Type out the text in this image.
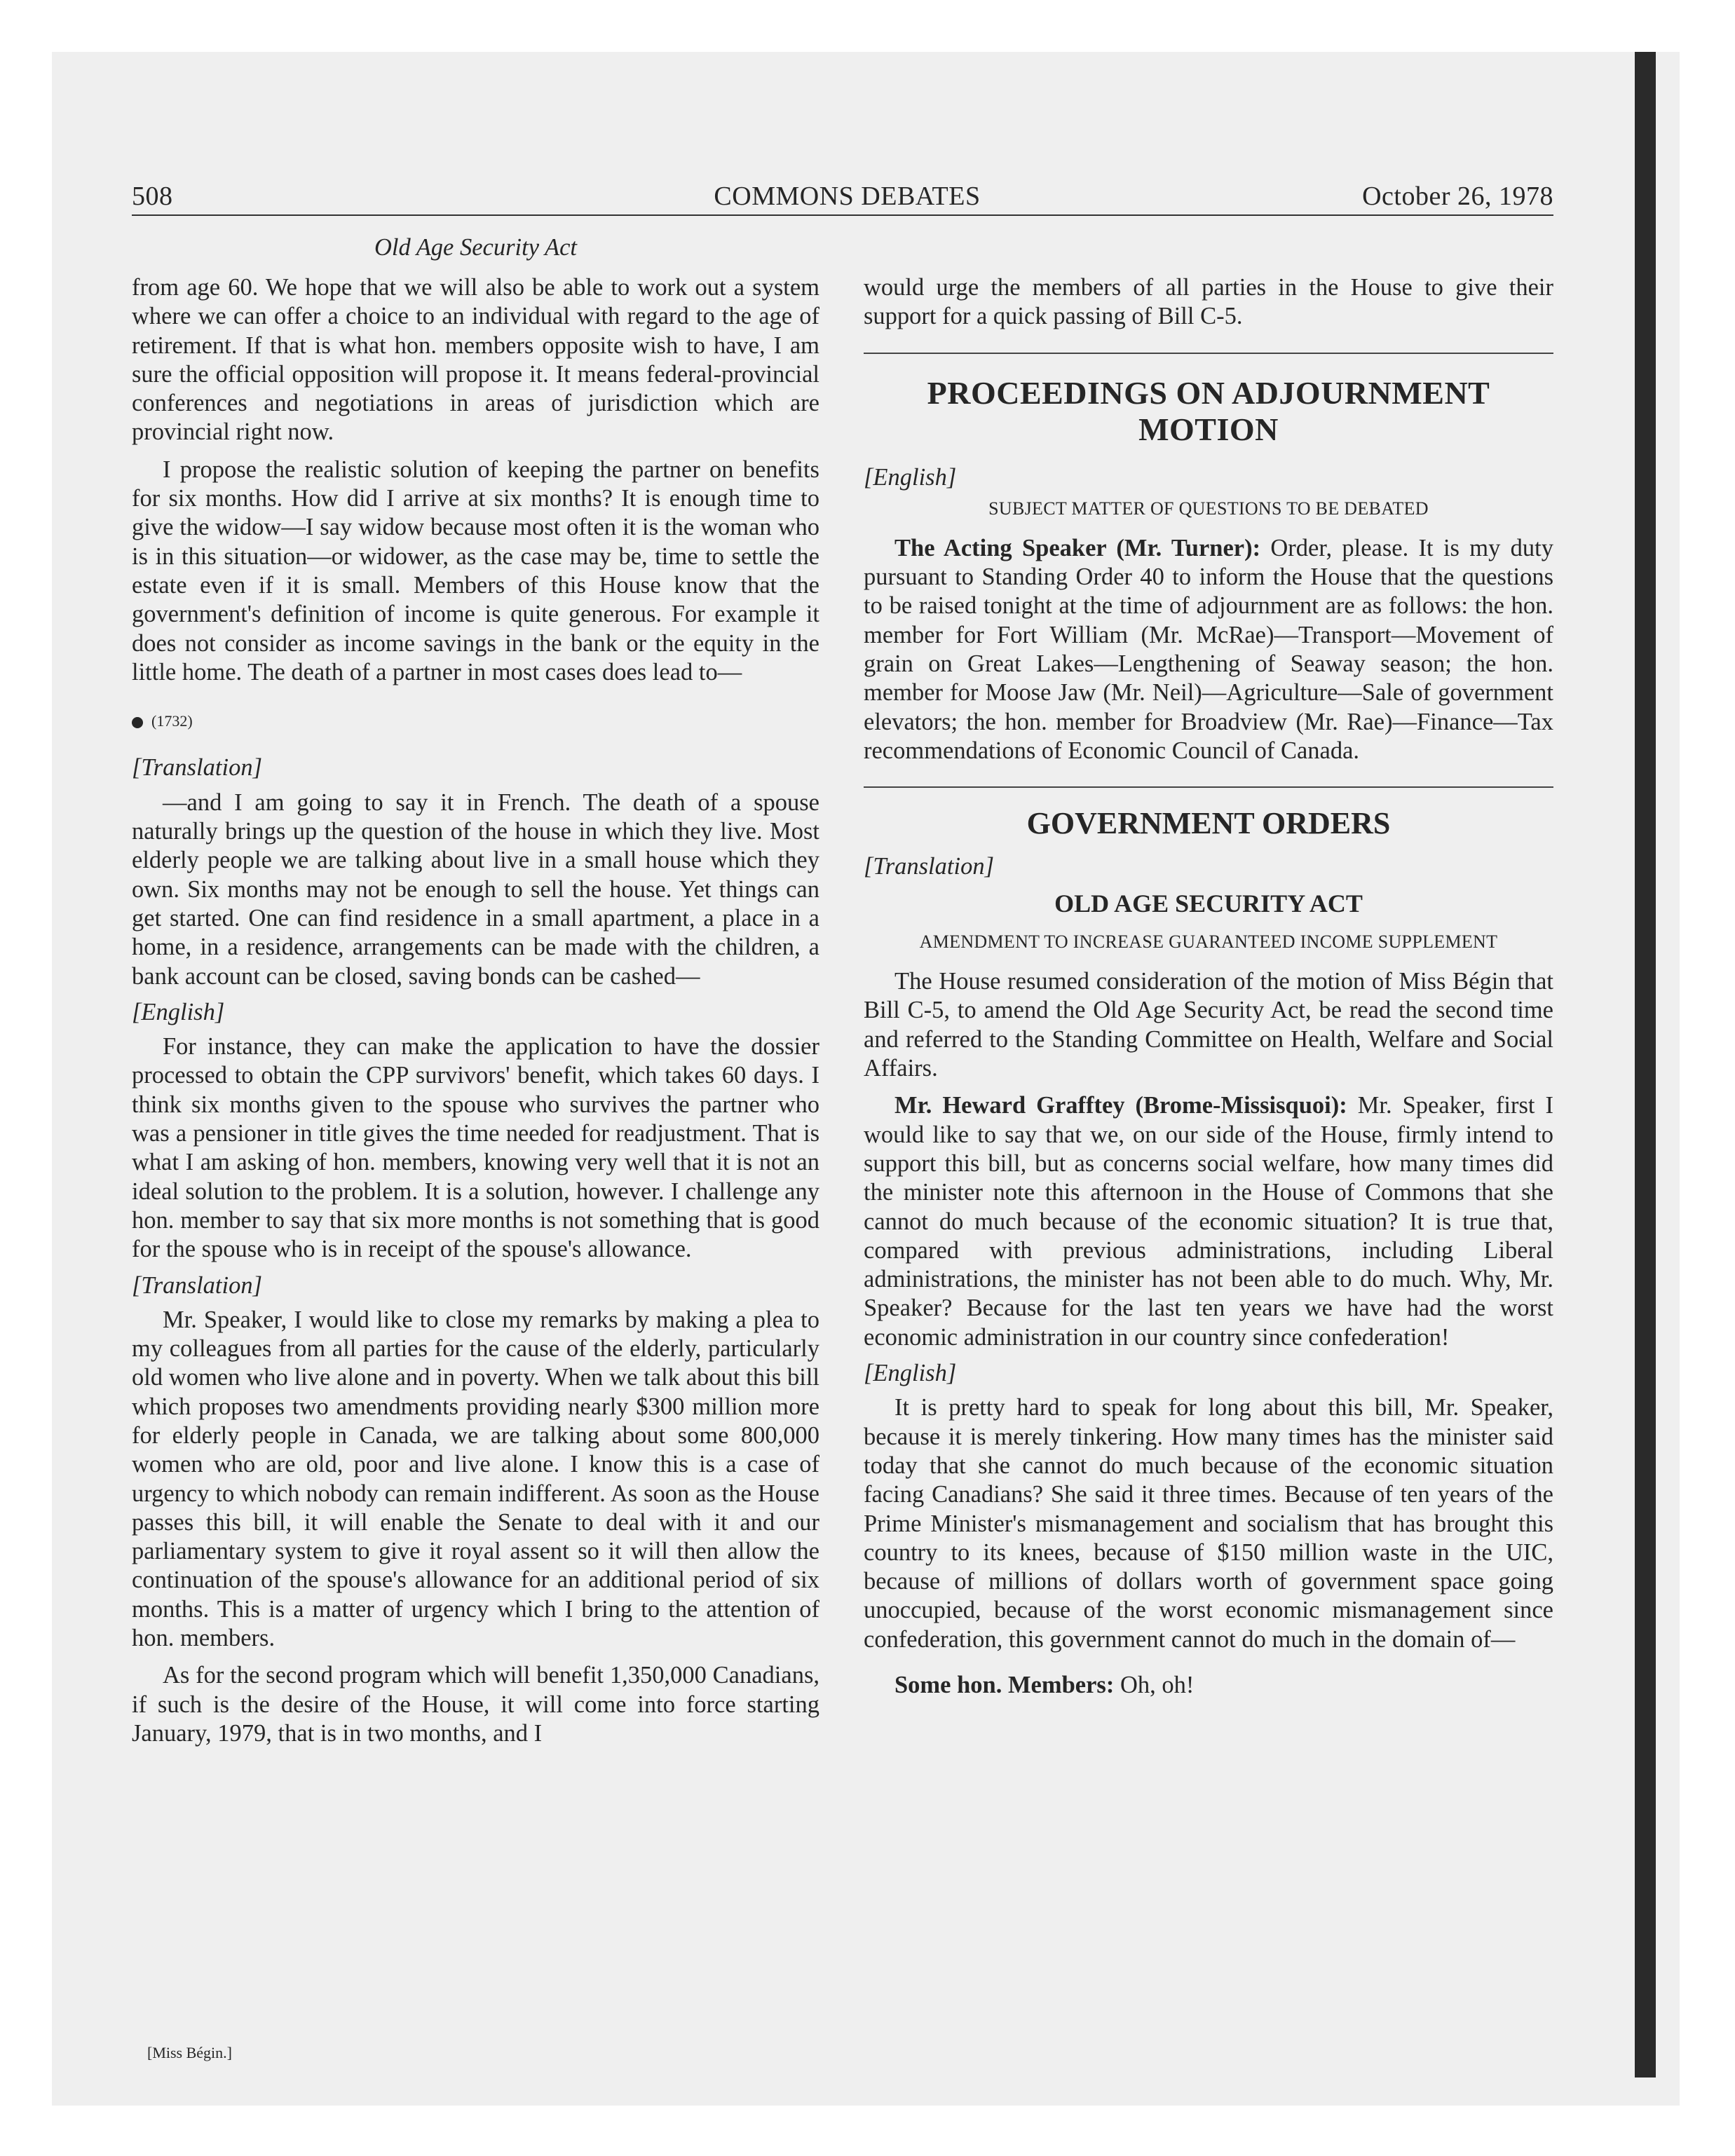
508	COMMONS DEBATES	October 26, 1978
Old Age Security Act

from age 60. We hope that we will also be able to work out a system where we can offer a choice to an individual with regard to the age of retirement. If that is what hon. members opposite wish to have, I am sure the official opposition will propose it. It means federal-provincial conferences and negotiations in areas of jurisdiction which are provincial right now.

I propose the realistic solution of keeping the partner on benefits for six months. How did I arrive at six months? It is enough time to give the widow—I say widow because most often it is the woman who is in this situation—or widower, as the case may be, time to settle the estate even if it is small. Members of this House know that the government's definition of income is quite generous. For example it does not consider as income savings in the bank or the equity in the little home. The death of a partner in most cases does lead to—

(1732)

[Translation]

—and I am going to say it in French. The death of a spouse naturally brings up the question of the house in which they live. Most elderly people we are talking about live in a small house which they own. Six months may not be enough to sell the house. Yet things can get started. One can find residence in a small apartment, a place in a home, in a residence, arrangements can be made with the children, a bank account can be closed, saving bonds can be cashed—

[English]

For instance, they can make the application to have the dossier processed to obtain the CPP survivors' benefit, which takes 60 days. I think six months given to the spouse who survives the partner who was a pensioner in title gives the time needed for readjustment. That is what I am asking of hon. members, knowing very well that it is not an ideal solution to the problem. It is a solution, however. I challenge any hon. member to say that six more months is not something that is good for the spouse who is in receipt of the spouse's allowance.

[Translation]

Mr. Speaker, I would like to close my remarks by making a plea to my colleagues from all parties for the cause of the elderly, particularly old women who live alone and in poverty. When we talk about this bill which proposes two amendments providing nearly $300 million more for elderly people in Canada, we are talking about some 800,000 women who are old, poor and live alone. I know this is a case of urgency to which nobody can remain indifferent. As soon as the House passes this bill, it will enable the Senate to deal with it and our parliamentary system to give it royal assent so it will then allow the continuation of the spouse's allowance for an additional period of six months. This is a matter of urgency which I bring to the attention of hon. members.

As for the second program which will benefit 1,350,000 Canadians, if such is the desire of the House, it will come into force starting January, 1979, that is in two months, and I

[Miss Bégin.]

would urge the members of all parties in the House to give their support for a quick passing of Bill C-5.

PROCEEDINGS ON ADJOURNMENT MOTION

[English]

SUBJECT MATTER OF QUESTIONS TO BE DEBATED

The Acting Speaker (Mr. Turner): Order, please. It is my duty pursuant to Standing Order 40 to inform the House that the questions to be raised tonight at the time of adjournment are as follows: the hon. member for Fort William (Mr. McRae)—Transport—Movement of grain on Great Lakes—Lengthening of Seaway season; the hon. member for Moose Jaw (Mr. Neil)—Agriculture—Sale of government elevators; the hon. member for Broadview (Mr. Rae)—Finance—Tax recommendations of Economic Council of Canada.

GOVERNMENT ORDERS

[Translation]

OLD AGE SECURITY ACT

AMENDMENT TO INCREASE GUARANTEED INCOME SUPPLEMENT

The House resumed consideration of the motion of Miss Bégin that Bill C-5, to amend the Old Age Security Act, be read the second time and referred to the Standing Committee on Health, Welfare and Social Affairs.

Mr. Heward Grafftey (Brome-Missisquoi): Mr. Speaker, first I would like to say that we, on our side of the House, firmly intend to support this bill, but as concerns social welfare, how many times did the minister note this afternoon in the House of Commons that she cannot do much because of the economic situation? It is true that, compared with previous administrations, including Liberal administrations, the minister has not been able to do much. Why, Mr. Speaker? Because for the last ten years we have had the worst economic administration in our country since confederation!

[English]

It is pretty hard to speak for long about this bill, Mr. Speaker, because it is merely tinkering. How many times has the minister said today that she cannot do much because of the economic situation facing Canadians? She said it three times. Because of ten years of the Prime Minister's mismanagement and socialism that has brought this country to its knees, because of $150 million waste in the UIC, because of millions of dollars worth of government space going unoccupied, because of the worst economic mismanagement since confederation, this government cannot do much in the domain of—

Some hon. Members: Oh, oh!
